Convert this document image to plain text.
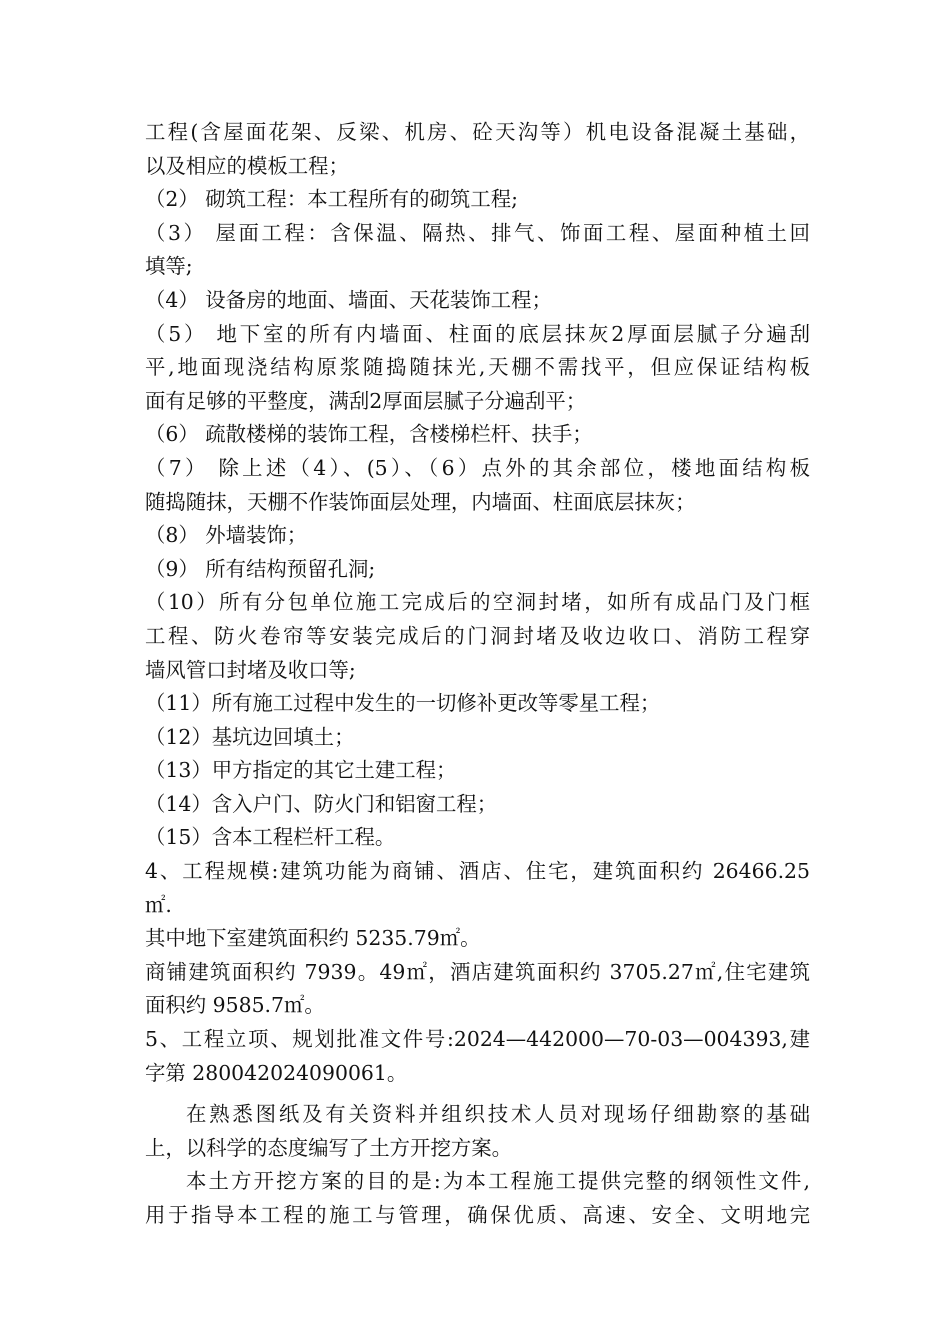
工程(含屋面花架、反梁、机房、砼天沟等）机电设备混凝土基础，
以及相应的模板工程；
（2） 砌筑工程：本工程所有的砌筑工程;
（3） 屋面工程：含保温、隔热、排气、饰面工程、屋面种植土回
填等;
（4） 设备房的地面、墙面、天花装饰工程；
（5） 地下室的所有内墙面、柱面的底层抹灰2厚面层腻子分遍刮
平,地面现浇结构原浆随捣随抹光,天棚不需找平，但应保证结构板
面有足够的平整度，满刮2厚面层腻子分遍刮平；
（6） 疏散楼梯的装饰工程，含楼梯栏杆、扶手；
（7） 除上述（4）、(5）、（6）点外的其余部位，楼地面结构板
随捣随抹，天棚不作装饰面层处理，内墙面、柱面底层抹灰；
（8） 外墙装饰；
（9） 所有结构预留孔洞;
（10）所有分包单位施工完成后的空洞封堵，如所有成品门及门框
工程、防火卷帘等安装完成后的门洞封堵及收边收口、消防工程穿
墙风管口封堵及收口等;
（11）所有施工过程中发生的一切修补更改等零星工程；
（12）基坑边回填土；
（13）甲方指定的其它土建工程；
（14）含入户门、防火门和铝窗工程；
（15）含本工程栏杆工程。
4、工程规模:建筑功能为商铺、酒店、住宅，建筑面积约 26466.25
㎡.
其中地下室建筑面积约 5235.79㎡。
商铺建筑面积约 7939。49㎡，酒店建筑面积约 3705.27㎡,住宅建筑
面积约 9585.7㎡。
5、工程立项、规划批准文件号:2024—442000—70-03—004393,建
字第 280042024090061。
在熟悉图纸及有关资料并组织技术人员对现场仔细勘察的基础
上，以科学的态度编写了土方开挖方案。
本土方开挖方案的目的是:为本工程施工提供完整的纲领性文件,
用于指导本工程的施工与管理，确保优质、高速、安全、文明地完
